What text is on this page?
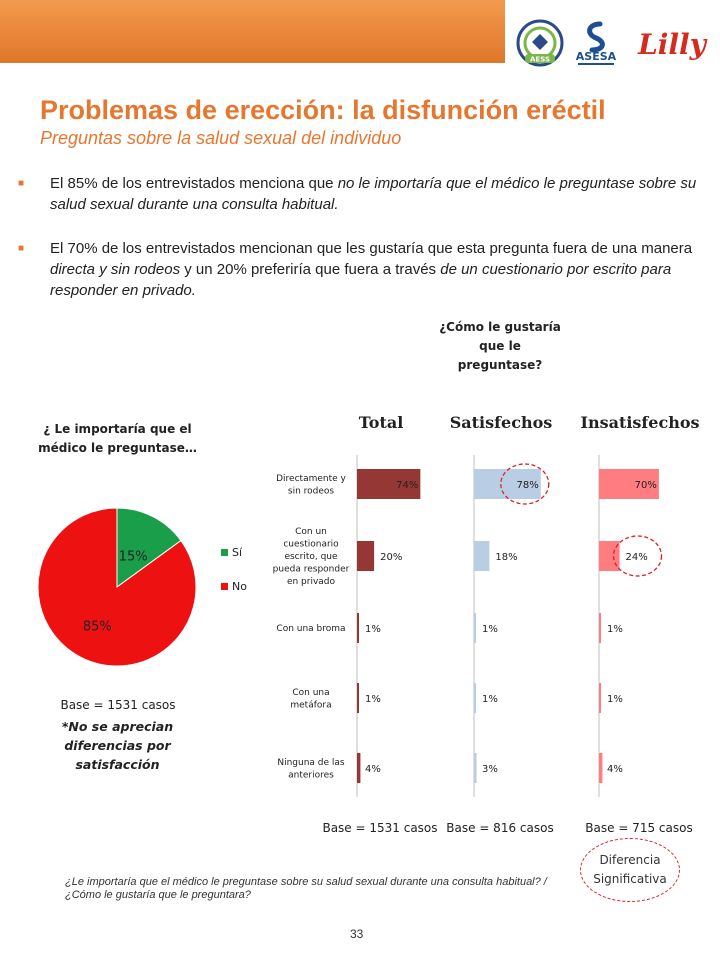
AESS ASESA Lilly
Problemas de erección: la disfunción eréctil
Preguntas sobre la salud sexual del individuo
■	El 85% de los entrevistados menciona que no le importaría que el médico le preguntase sobre su salud sexual durante una consulta habitual.
■	El 70% de los entrevistados mencionan que les gustaría que esta pregunta fuera de una manera directa y sin rodeos y un 20% preferiría que fuera a través de un cuestionario por escrito para responder en privado.
¿Cómo le gustaría
que le
preguntase?
¿ Le importaría que el
médico le preguntase…
15%
85%
Sí
No
Base = 1531 casos
*No se aprecian
diferencias por
satisfacción
Total
74%
20%
1%
1%
4%
Base = 1531 casos
Satisfechos
78%
18%
1%
1%
3%
Base = 816 casos
Insatisfechos
70%
24%
1%
1%
4%
Base = 715 casos
Directamente y
sin rodeos
Con un
cuestionario
escrito, que
pueda responder
en privado
Con una broma
Con una
metáfora
Ninguna de las
anteriores
Diferencia Significativa
¿Le importaría que el médico le preguntase sobre su salud sexual durante una consulta habitual? / ¿Cómo le gustaría que le preguntara?
33
